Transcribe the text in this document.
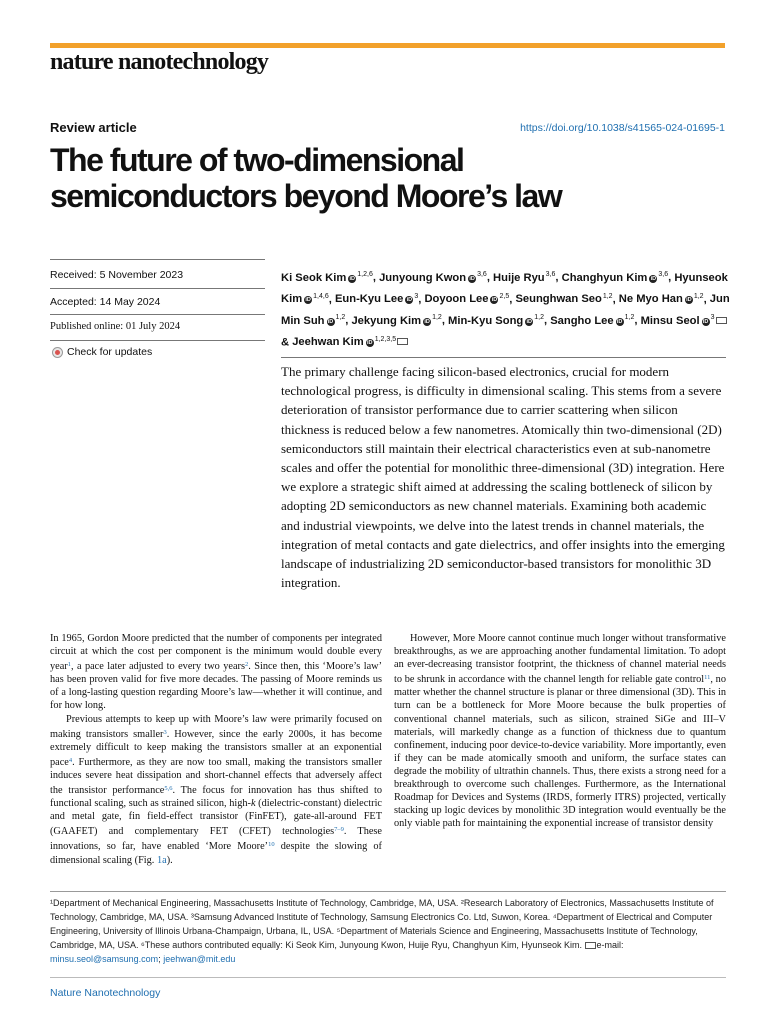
nature nanotechnology
Review article	https://doi.org/10.1038/s41565-024-01695-1
The future of two-dimensional
semiconductors beyond Moore’s law
Received: 5 November 2023
Accepted: 14 May 2024
Published online: 01 July 2024
Check for updates
Ki Seok Kim iD$^{1,2,6}$, Junyoung Kwon iD$^{3,6}$, Huije Ryu$^{3,6}$, Changhyun Kim iD$^{3,6}$, Hyunseok Kim iD$^{1,4,6}$, Eun-Kyu Lee $iD^3$, Doyoon Lee iD$^{2,5}$, Seunghwan Seo$^{1,2}$, Ne Myo Han iD$^{1,2}$, Jun Min Suh iD$^{1,2}$, Jekyung Kim iD$^{1,2}$, Min-Kyu Song iD$^{1,2}$, Sangho Lee iD$^{1,2}$, Minsu Seol $iD^3$ & Jeehwan Kim iD$^{1,2,3,5}$
The primary challenge facing silicon-based electronics, crucial for modern technological progress, is difficulty in dimensional scaling. This stems from a severe deterioration of transistor performance due to carrier scattering when silicon thickness is reduced below a few nanometres. Atomically thin two-dimensional (2D) semiconductors still maintain their electrical characteristics even at sub-nanometre scales and offer the potential for monolithic three-dimensional (3D) integration. Here we explore a strategic shift aimed at addressing the scaling bottleneck of silicon by adopting 2D semiconductors as new channel materials. Examining both academic and industrial viewpoints, we delve into the latest trends in channel materials, the integration of metal contacts and gate dielectrics, and offer insights into the emerging landscape of industrializing 2D semiconductor-based transistors for monolithic 3D integration.

In 1965, Gordon Moore predicted that the number of components per integrated circuit at which the cost per component is the minimum would double every year$^1$, a pace later adjusted to every two years$^2$. Since then, this ‘Moore’s law’ has been proven valid for five more decades. The passing of Moore reminds us of a long-lasting question regarding Moore’s law—whether it will continue, and for how long.

Previous attempts to keep up with Moore’s law were primarily focused on making transistors smaller$^3$. However, since the early 2000s, it has become extremely difficult to keep making the transistors smaller at an exponential pace$^4$. Furthermore, as they are now too small, making the transistors smaller induces severe heat dissipation and short-channel effects that adversely affect the transistor performance$^{5,6}$. The focus for innovation has thus shifted to functional scaling, such as strained silicon, high-k (dielectric-constant) dielectric and metal gate, fin field-effect transistor (FinFET), gate-all-around FET (GAAFET) and complementary FET (CFET) technologies$^{7-9}$. These innovations, so far, have enabled ‘More Moore’$^{10}$ despite the slowing of dimensional scaling (Fig. 1a).

However, More Moore cannot continue much longer without transformative breakthroughs, as we are approaching another fundamental limitation. To adopt an ever-decreasing transistor footprint, the thickness of channel material needs to be shrunk in accordance with the channel length for reliable gate control$^{11}$, no matter whether the channel structure is planar or three dimensional (3D). This in turn can be a bottleneck for More Moore because the bulk properties of conventional channel materials, such as silicon, strained SiGe and III–V materials, will markedly change as a function of thickness due to quantum confinement, inducing poor device-to-device variability. More importantly, even if they can be made atomically smooth and uniform, the surface states can degrade the mobility of ultrathin channels. Thus, there exists a strong need for a breakthrough to overcome such challenges. Furthermore, as the International Roadmap for Devices and Systems (IRDS, formerly ITRS) projected, vertically stacking up logic devices by monolithic 3D integration would eventually be the only viable path for maintaining the exponential increase of transistor density

¹Department of Mechanical Engineering, Massachusetts Institute of Technology, Cambridge, MA, USA. ²Research Laboratory of Electronics, Massachusetts Institute of Technology, Cambridge, MA, USA. ³Samsung Advanced Institute of Technology, Samsung Electronics Co. Ltd, Suwon, Korea. ⁴Department of Electrical and Computer Engineering, University of Illinois Urbana-Champaign, Urbana, IL, USA. ⁵Department of Materials Science and Engineering, Massachusetts Institute of Technology, Cambridge, MA, USA. ⁶These authors contributed equally: Ki Seok Kim, Junyoung Kwon, Huije Ryu, Changhyun Kim, Hyunseok Kim. e-mail: minsu.seol@samsung.com; jeehwan@mit.edu
Nature Nanotechnology
